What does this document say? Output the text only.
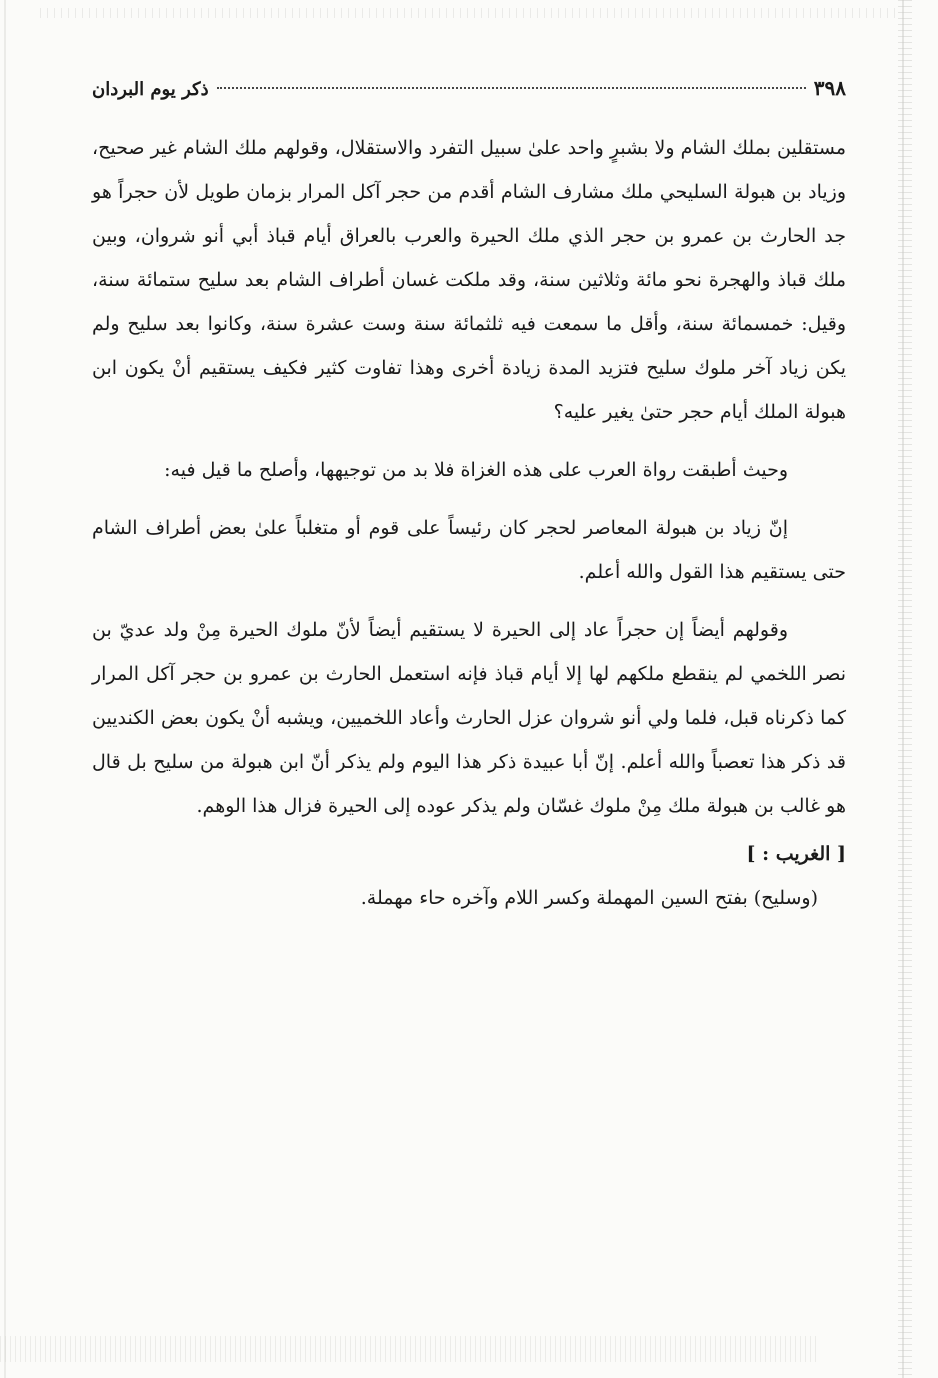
٣٩٨
ذكر يوم البردان

مستقلين بملك الشام ولا بشبرٍ واحد علىٰ سبيل التفرد والاستقلال، وقولهم ملك الشام غير صحيح، وزياد بن هبولة السليحي ملك مشارف الشام أقدم من حجر آكل المرار بزمان طويل لأن حجراً هو جد الحارث بن عمرو بن حجر الذي ملك الحيرة والعرب بالعراق أيام قباذ أبي أنو شروان، وبين ملك قباذ والهجرة نحو مائة وثلاثين سنة، وقد ملكت غسان أطراف الشام بعد سليح ستمائة سنة، وقيل: خمسمائة سنة، وأقل ما سمعت فيه ثلثمائة سنة وست عشرة سنة، وكانوا بعد سليح ولم يكن زياد آخر ملوك سليح فتزيد المدة زيادة أخرى وهذا تفاوت كثير فكيف يستقيم أنْ يكون ابن هبولة الملك أيام حجر حتىٰ يغير عليه؟

وحيث أطبقت رواة العرب على هذه الغزاة فلا بد من توجيهها، وأصلح ما قيل فيه:

إنّ زياد بن هبولة المعاصر لحجر كان رئيساً على قوم أو متغلباً علىٰ بعض أطراف الشام حتى يستقيم هذا القول والله أعلم.

وقولهم أيضاً إن حجراً عاد إلى الحيرة لا يستقيم أيضاً لأنّ ملوك الحيرة مِنْ ولد عديّ بن نصر اللخمي لم ينقطع ملكهم لها إلا أيام قباذ فإنه استعمل الحارث بن عمرو بن حجر آكل المرار كما ذكرناه قبل، فلما ولي أنو شروان عزل الحارث وأعاد اللخميين، ويشبه أنْ يكون بعض الكنديين قد ذكر هذا تعصباً والله أعلم. إنّ أبا عبيدة ذكر هذا اليوم ولم يذكر أنّ ابن هبولة من سليح بل قال هو غالب بن هبولة ملك مِنْ ملوك غسّان ولم يذكر عوده إلى الحيرة فزال هذا الوهم.

[ الغريب : ]

(وسليح) بفتح السين المهملة وكسر اللام وآخره حاء مهملة.
